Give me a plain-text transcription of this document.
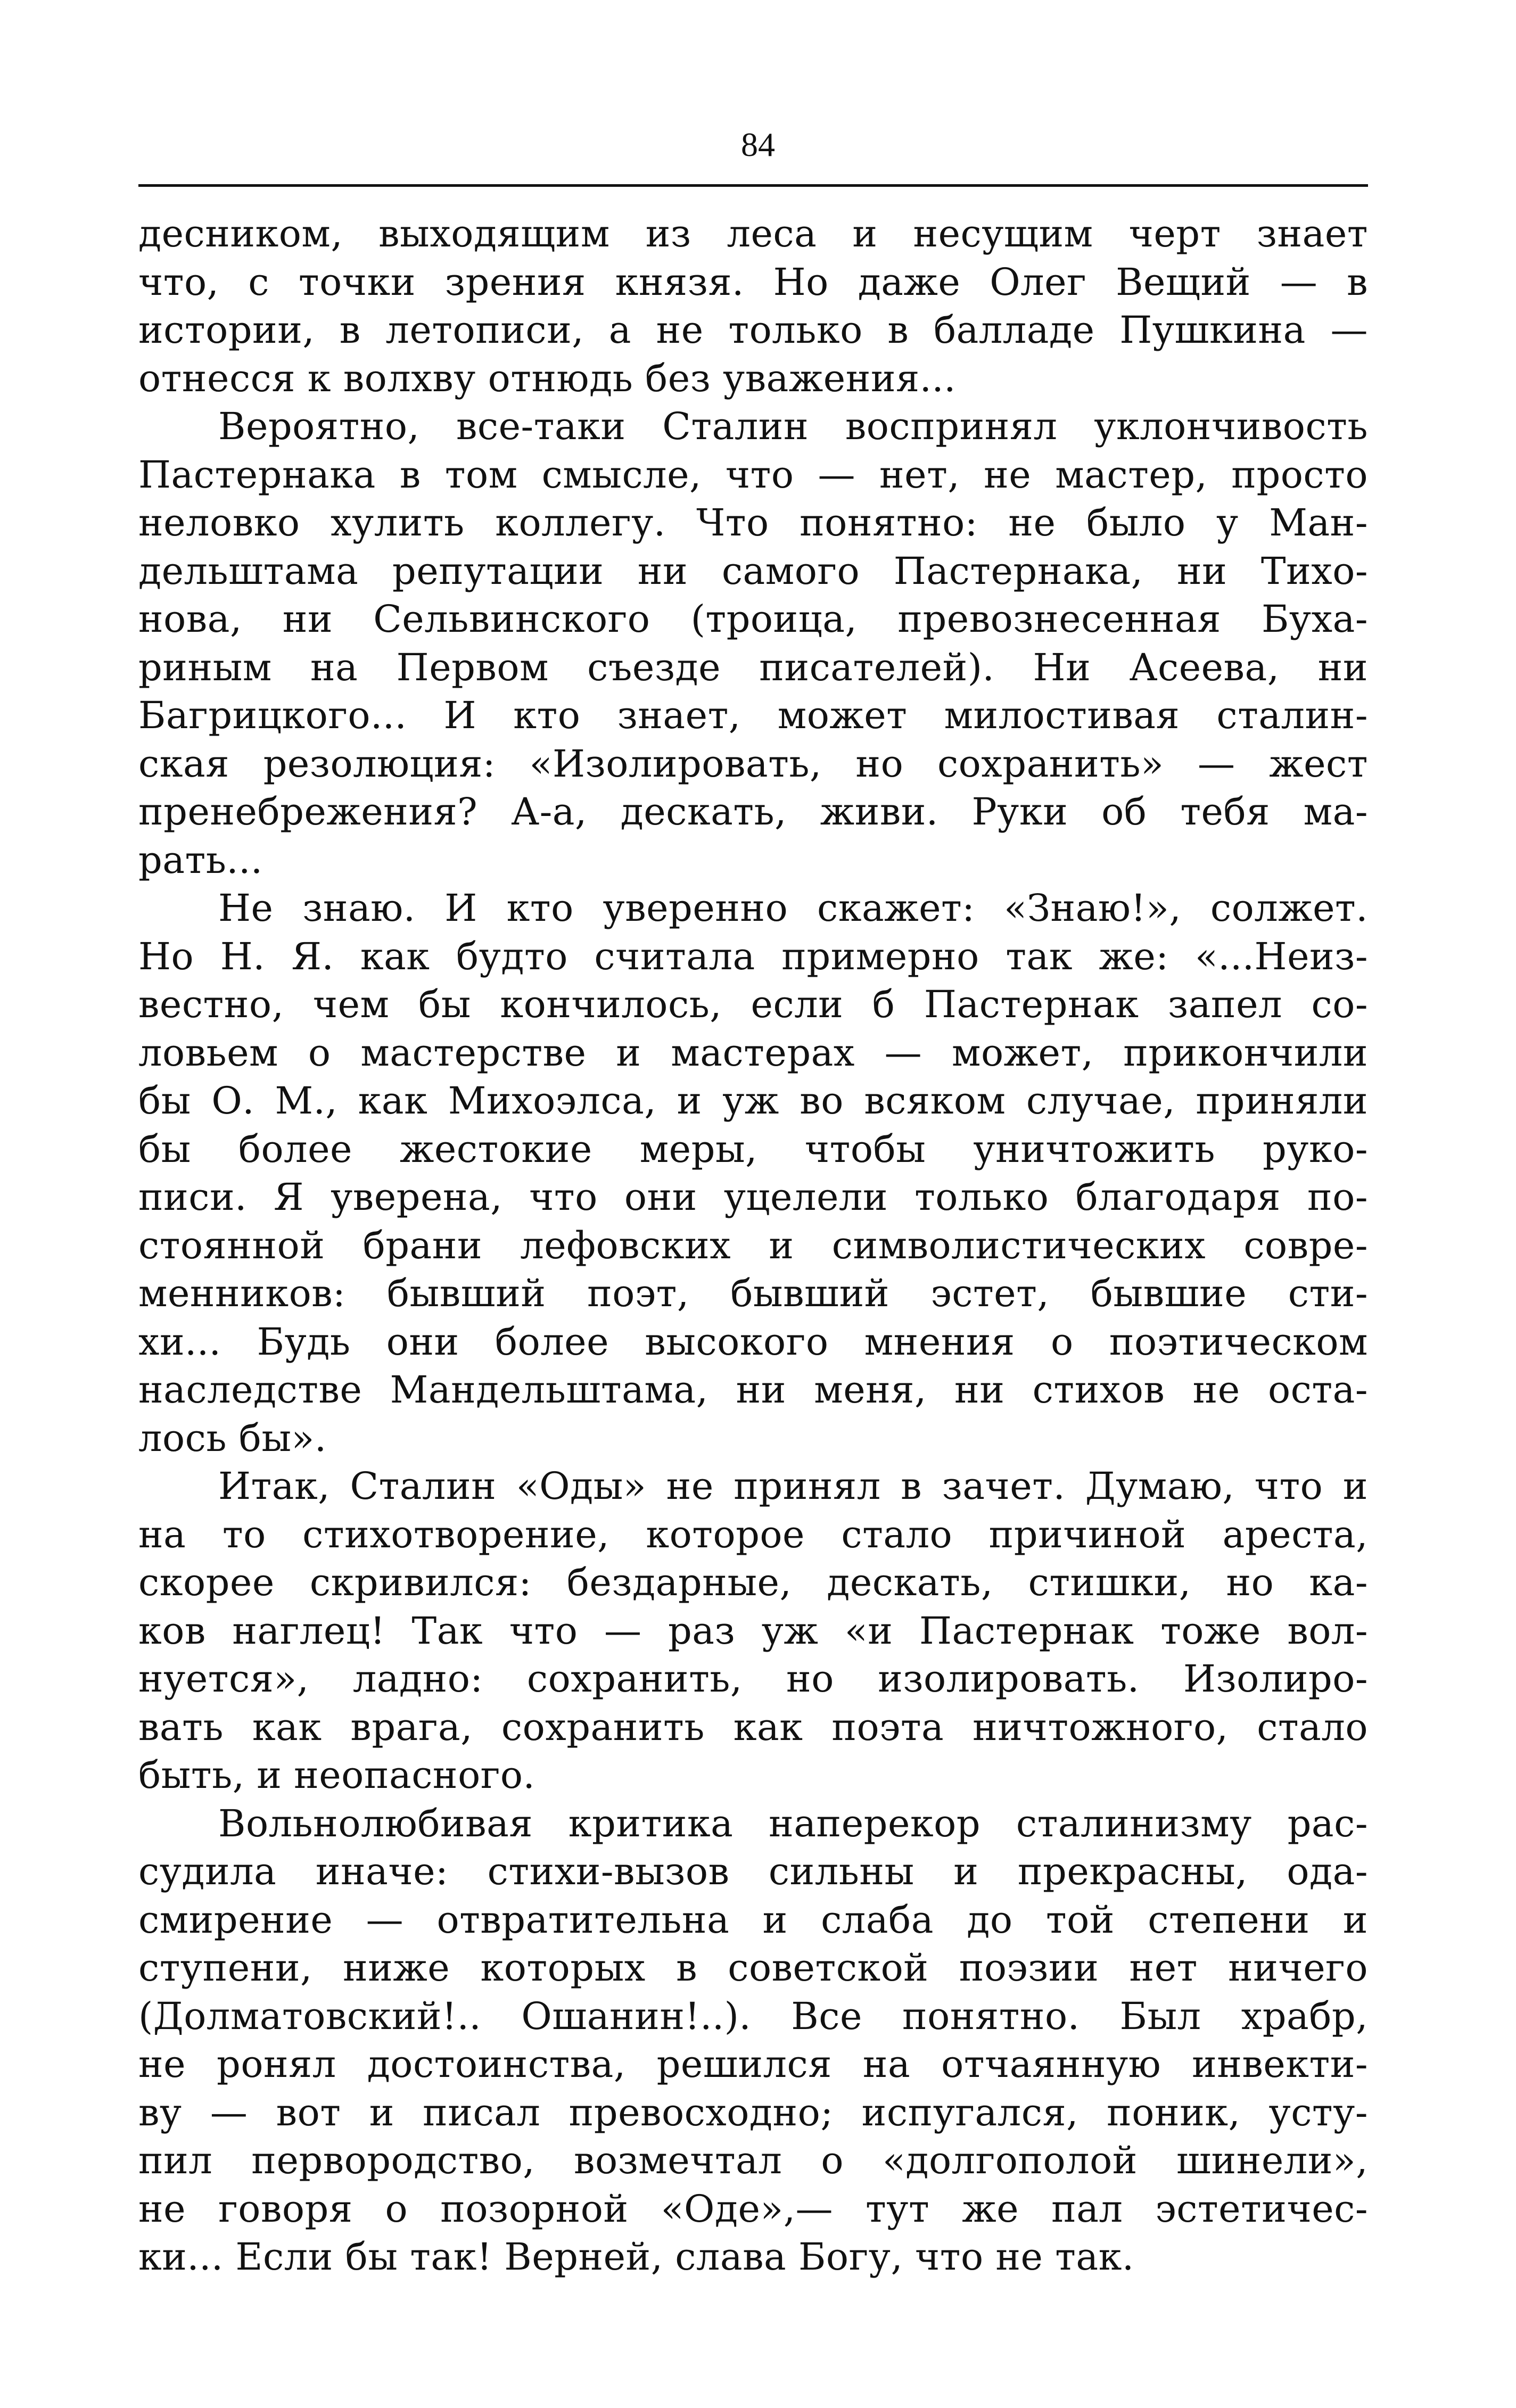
84
десником, выходящим из леса и несущим черт знает
что, с точки зрения князя. Но даже Олег Вещий — в
истории, в летописи, а не только в балладе Пушкина —
отнесся к волхву отнюдь без уважения...
Вероятно, все-таки Сталин воспринял уклончивость
Пастернака в том смысле, что — нет, не мастер, просто
неловко хулить коллегу. Что понятно: не было у Ман-
дельштама репутации ни самого Пастернака, ни Тихо-
нова, ни Сельвинского (троица, превознесенная Буха-
риным на Первом съезде писателей). Ни Асеева, ни
Багрицкого... И кто знает, может милостивая сталин-
ская резолюция: «Изолировать, но сохранить» — жест
пренебрежения? А-а, дескать, живи. Руки об тебя ма-
рать...
Не знаю. И кто уверенно скажет: «Знаю!», солжет.
Но Н. Я. как будто считала примерно так же: «...Неиз-
вестно, чем бы кончилось, если б Пастернак запел со-
ловьем о мастерстве и мастерах — может, прикончили
бы О. М., как Михоэлса, и уж во всяком случае, приняли
бы более жестокие меры, чтобы уничтожить руко-
писи. Я уверена, что они уцелели только благодаря по-
стоянной брани лефовских и символистических совре-
менников: бывший поэт, бывший эстет, бывшие сти-
хи... Будь они более высокого мнения о поэтическом
наследстве Мандельштама, ни меня, ни стихов не оста-
лось бы».
Итак, Сталин «Оды» не принял в зачет. Думаю, что и
на то стихотворение, которое стало причиной ареста,
скорее скривился: бездарные, дескать, стишки, но ка-
ков наглец! Так что — раз уж «и Пастернак тоже вол-
нуется», ладно: сохранить, но изолировать. Изолиро-
вать как врага, сохранить как поэта ничтожного, стало
быть, и неопасного.
Вольнолюбивая критика наперекор сталинизму рас-
судила иначе: стихи-вызов сильны и прекрасны, ода-
смирение — отвратительна и слаба до той степени и
ступени, ниже которых в советской поэзии нет ничего
(Долматовский!.. Ошанин!..). Все понятно. Был храбр,
не ронял достоинства, решился на отчаянную инвекти-
ву — вот и писал превосходно; испугался, поник, усту-
пил первородство, возмечтал о «долгополой шинели»,
не говоря о позорной «Оде»,— тут же пал эстетичес-
ки... Если бы так! Верней, слава Богу, что не так.
